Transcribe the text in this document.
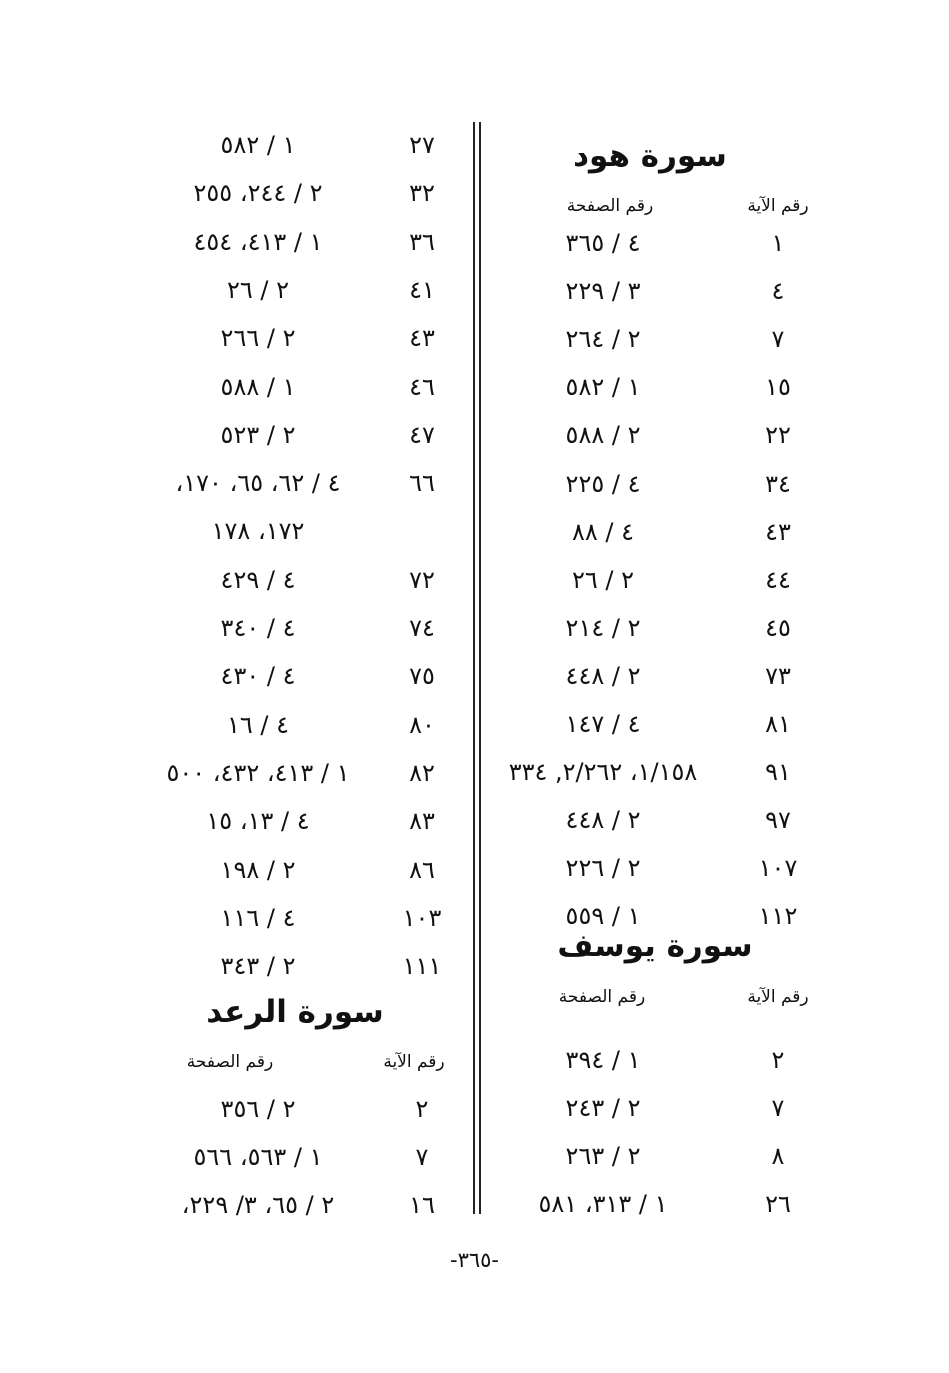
سورة هود
رقم الآية
رقم الصفحة
١
٤ / ٣٦٥
٤
٣ / ٢٢٩
٧
٢ / ٢٦٤
١٥
١ / ٥٨٢
٢٢
٢ / ٥٨٨
٣٤
٤ / ٢٢٥
٤٣
٤ / ٨٨
٤٤
٢ / ٢٦
٤٥
٢ / ٢١٤
٧٣
٢ / ٤٤٨
٨١
٤ / ١٤٧
٩١
١/١٥٨، ٢/٢٦٢, ٣٣٤
٩٧
٢ / ٤٤٨
١٠٧
٢ / ٢٢٦
١١٢
١ / ٥٥٩
سورة يوسف
رقم الآية
رقم الصفحة
٢
١ / ٣٩٤
٧
٢ / ٢٤٣
٨
٢ / ٢٦٣
٢٦
١ / ٣١٣، ٥٨١
٢٧
١ / ٥٨٢
٣٢
٢ / ٢٤٤، ٢٥٥
٣٦
١ / ٤١٣، ٤٥٤
٤١
٢ / ٢٦
٤٣
٢ / ٢٦٦
٤٦
١ / ٥٨٨
٤٧
٢ / ٥٢٣
٦٦
٤ / ٦٢، ٦٥، ١٧٠،
١٧٢، ١٧٨
٧٢
٤ / ٤٢٩
٧٤
٤ / ٣٤٠
٧٥
٤ / ٤٣٠
٨٠
٤ / ١٦
٨٢
١ / ٤١٣، ٤٣٢، ٥٠٠
٨٣
٤ / ١٣، ١٥
٨٦
٢ / ١٩٨
١٠٣
٤ / ١١٦
١١١
٢ / ٣٤٣
سورة الرعد
رقم الآية
رقم الصفحة
٢
٢ / ٣٥٦
٧
١ / ٥٦٣، ٥٦٦
١٦
٢ / ٦٥، ٣/ ٢٢٩،
-٣٦٥-
